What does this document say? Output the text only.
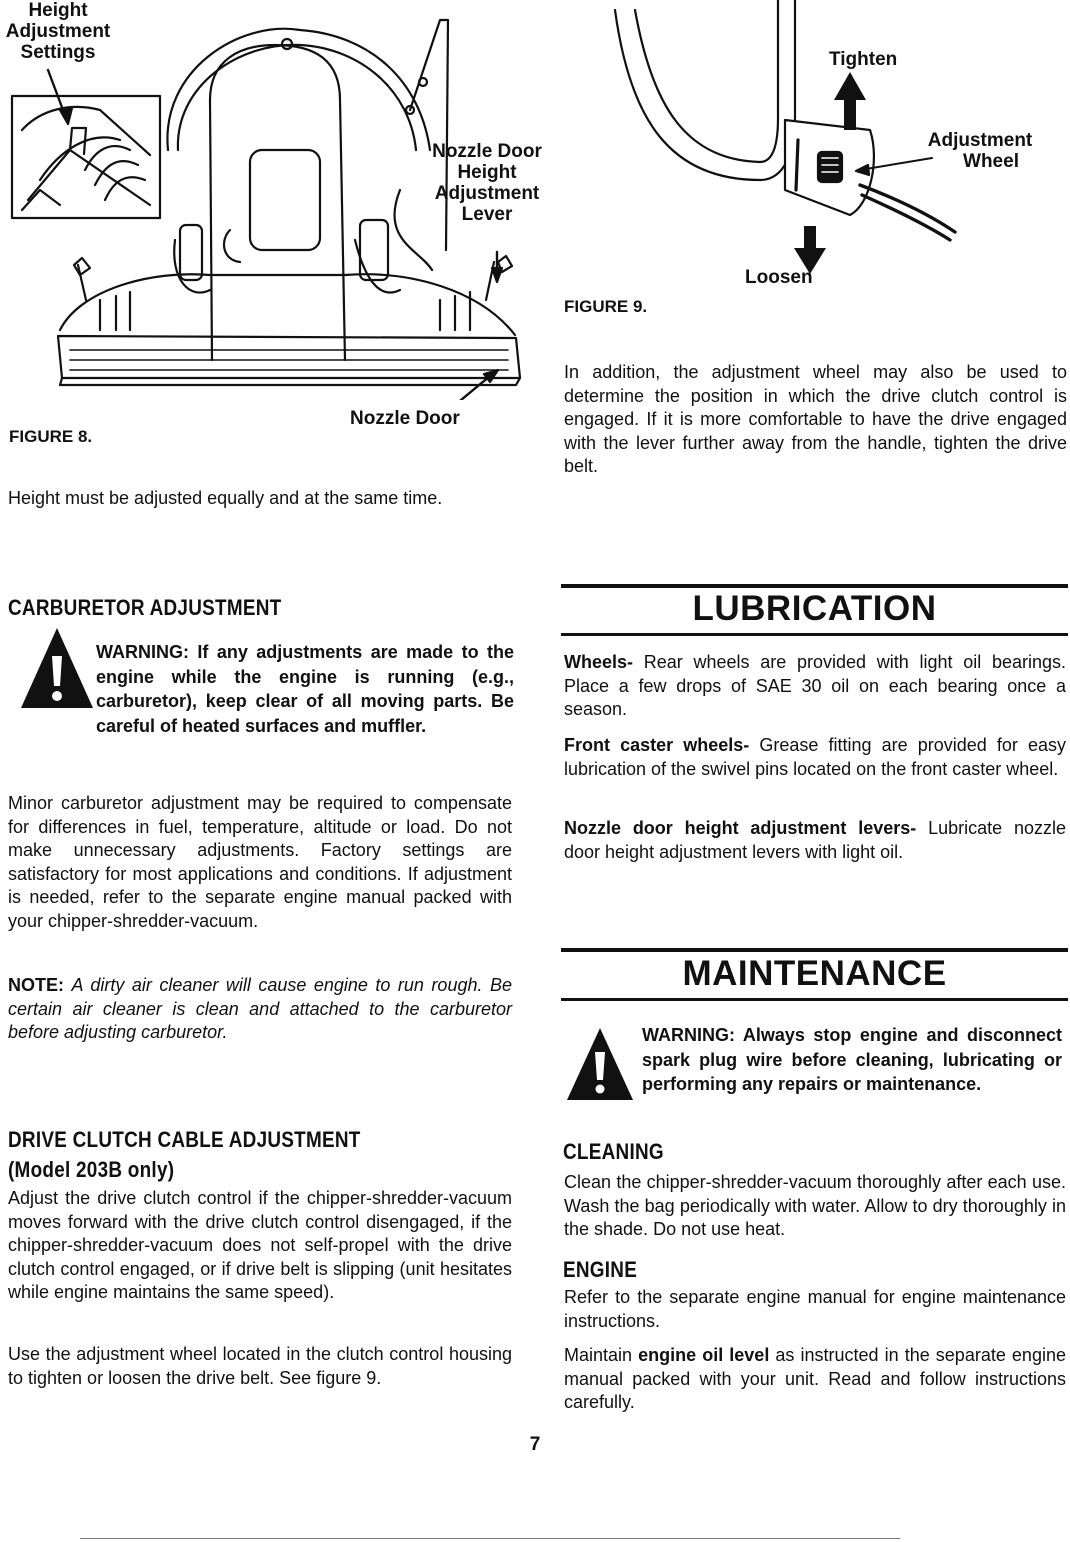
Height
Adjustment
Settings
Nozzle Door
Height
Adjustment
Lever
Nozzle Door
FIGURE 8.
Height must be adjusted equally and at the same time.
Tighten
Adjustment
Wheel
Loosen
FIGURE 9.
In addition, the adjustment wheel may also be used to determine the position in which the drive clutch control is engaged. If it is more comfortable to have the drive engaged with the lever further away from the handle, tighten the drive belt.
CARBURETOR ADJUSTMENT
WARNING: If any adjustments are made to the engine while the engine is running (e.g., carburetor), keep clear of all moving parts. Be careful of heated surfaces and muffler.
Minor carburetor adjustment may be required to compensate for differences in fuel, temperature, altitude or load. Do not make unnecessary adjustments. Factory settings are satisfactory for most applications and conditions. If adjustment is needed, refer to the separate engine manual packed with your chipper-shredder-vacuum.
NOTE: A dirty air cleaner will cause engine to run rough. Be certain air cleaner is clean and attached to the carburetor before adjusting carburetor.
DRIVE CLUTCH CABLE ADJUSTMENT
(Model 203B only)
Adjust the drive clutch control if the chipper-shredder-vacuum moves forward with the drive clutch control disengaged, if the chipper-shredder-vacuum does not self-propel with the drive clutch control engaged, or if drive belt is slipping (unit hesitates while engine maintains the same speed).
Use the adjustment wheel located in the clutch control housing to tighten or loosen the drive belt. See figure 9.
LUBRICATION
Wheels- Rear wheels are provided with light oil bearings. Place a few drops of SAE 30 oil on each bearing once a season.
Front caster wheels- Grease fitting are provided for easy lubrication of the swivel pins located on the front caster wheel.
Nozzle door height adjustment levers- Lubricate nozzle door height adjustment levers with light oil.
MAINTENANCE
WARNING: Always stop engine and disconnect spark plug wire before cleaning, lubricating or performing any repairs or maintenance.
CLEANING
Clean the chipper-shredder-vacuum thoroughly after each use. Wash the bag periodically with water. Allow to dry thoroughly in the shade. Do not use heat.
ENGINE
Refer to the separate engine manual for engine maintenance instructions.
Maintain engine oil level as instructed in the separate engine manual packed with your unit. Read and follow instructions carefully.
7
